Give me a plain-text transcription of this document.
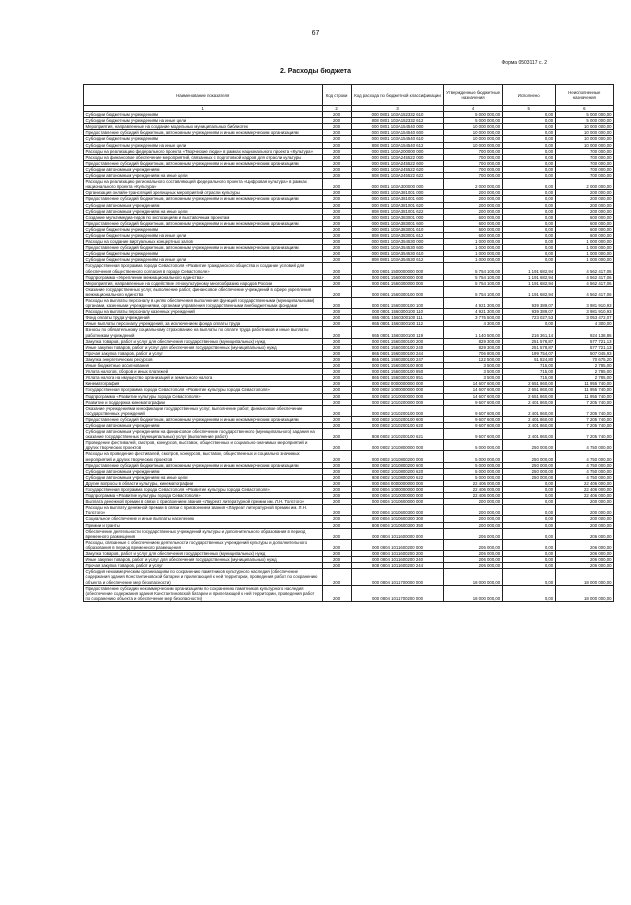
67
Форма 0503117 с. 2
2. Расходы бюджета
Наименование показателя	Код строки	Код расхода по бюджетной классификации	Утвержденные бюджетные назначения	Исполнено	Неисполненные назначения
1	2	3	4	5	6
Субсидии бюджетным учреждениям	200	000 0801 103А152332 610	5 000 000,00	0,00	5 000 000,00
Субсидии бюджетным учреждениям на иные цели	200	808 0801 103А152332 612	5 000 000,00	0,00	5 000 000,00
Мероприятия, направленные на создание модельных муниципальных библиотек	200	000 0801 103А154540 000	10 000 000,00	0,00	10 000 000,00
Предоставление субсидий бюджетным, автономным учреждениям и иным некоммерческим организациям	200	000 0801 103А154540 600	10 000 000,00	0,00	10 000 000,00
Субсидии бюджетным учреждениям	200	000 0801 103А154540 610	10 000 000,00	0,00	10 000 000,00
Субсидии бюджетным учреждениям на иные цели	200	808 0801 103А154540 612	10 000 000,00	0,00	10 000 000,00
Расходы на реализацию федерального проекта «Творческие люди» в рамках национального проекта «Культура»	200	000 0801 103А200000 000	700 000,00	0,00	700 000,00
Расходы на финансовое обеспечение мероприятий, связанных с подготовкой кадров для отрасли культуры	200	000 0801 103А245522 000	700 000,00	0,00	700 000,00
Предоставление субсидий бюджетным, автономным учреждениям и иным некоммерческим организациям	200	000 0801 103А245522 600	700 000,00	0,00	700 000,00
Субсидии автономным учреждениям	200	000 0801 103А245522 620	700 000,00	0,00	700 000,00
Субсидии автономным учреждениям на иные цели	200	808 0801 103А245522 622	700 000,00	0,00	700 000,00
Расходы на реализацию регионального составляющей федерального проекта «Цифровая культура» в рамках национального проекта «Культура»	200	000 0801 103А300000 000	2 000 000,00	0,00	2 000 000,00
Организация онлайн-трансляций зрелищных мероприятий отрасли культуры	200	000 0801 103А381001 000	200 000,00	0,00	200 000,00
Предоставление субсидий бюджетным, автономным учреждениям и иным некоммерческим организациям	200	000 0801 103А381001 600	200 000,00	0,00	200 000,00
Субсидии автономным учреждениям	200	000 0801 103А381001 620	200 000,00	0,00	200 000,00
Субсидии автономным учреждениям на иные цели	200	808 0801 103А381001 622	200 000,00	0,00	200 000,00
Создание мультимедиа-гидов по экспозициям и выставочным проектам	200	000 0801 103А383001 000	600 000,00	0,00	600 000,00
Предоставление субсидий бюджетным, автономным учреждениям и иным некоммерческим организациям	200	000 0801 103А383001 600	600 000,00	0,00	600 000,00
Субсидии бюджетным учреждениям	200	000 0801 103А383001 610	600 000,00	0,00	600 000,00
Субсидии бюджетным учреждениям на иные цели	200	808 0801 103А383001 612	600 000,00	0,00	600 000,00
Расходы на создание виртуальных концертных залов	200	000 0801 103А354530 000	1 000 000,00	0,00	1 000 000,00
Предоставление субсидий бюджетным, автономным учреждениям и иным некоммерческим организациям	200	000 0801 103А354530 600	1 000 000,00	0,00	1 000 000,00
Субсидии бюджетным учреждениям	200	000 0801 103А354530 610	1 000 000,00	0,00	1 000 000,00
Субсидии бюджетным учреждениям на иные цели	200	808 0801 103А354530 612	1 000 000,00	0,00	1 000 000,00
Государственная программа города Севастополя «Развитие гражданского общества и создание условий для обеспечения общественного согласия в городе Севастополе»	200	000 0801 1500000000 000	5 754 100,00	1 191 682,94	4 562 417,06
Подпрограмма «Укрепление межнационального единства»	200	000 0801 1560000000 000	5 754 100,00	1 191 682,94	4 562 417,06
Мероприятия, направленные на содействие этнокультурному многообразию народов России	200	000 0801 1560300000 000	5 754 100,00	1 191 682,94	4 562 417,06
Оказание государственных услуг, выполнение работ, финансовое обеспечение учреждений в сфере укрепления межнационального единства	200	000 0801 1560300100 000	5 754 100,00	1 191 682,94	4 562 417,06
Расходы на выплаты персоналу в целях обеспечения выполнения функций государственными (муниципальными) органами, казенными учреждениями, органами управления государственными внебюджетными фондами	200	000 0801 1560300100 100	4 921 300,00	939 389,07	3 981 910,93
Расходы на выплаты персоналу казенных учреждений	200	000 0801 1560300100 110	4 921 300,00	939 389,07	3 981 910,93
Фонд оплаты труда учреждений	200	865 0801 1560300100 111	3 776 500,00	723 027,53	3 053 472,07
Иные выплаты персоналу учреждений, за исключением фонда оплаты труда	200	865 0801 1560300100 112	4 300,00	0,00	4 300,00
Взносы по обязательному социальному страхованию на выплаты по оплате труда работников и иные выплаты работникам учреждений	200	865 0801 1560300100 119	1 140 500,00	216 361,14	924 138,86
Закупка товаров, работ и услуг для обеспечения государственных (муниципальных) нужд	200	000 0801 1560300100 200	829 300,00	251 578,87	577 721,13
Иные закупки товаров, работ и услуг для обеспечения государственных (муниципальных) нужд	200	000 0801 1560300100 240	829 300,00	251 578,87	577 721,13
Прочая закупка товаров, работ и услуг	200	865 0801 1560300100 244	706 800,00	199 754,07	507 045,93
Закупка энергетических ресурсов	200	865 0801 1560300100 247	122 500,00	51 824,80	70 675,20
Иные бюджетные ассигнования	200	000 0801 1560300100 800	3 500,00	715,00	2 785,00
Уплата налогов, сборов и иных платежей	200	000 0801 1560300100 850	3 500,00	715,00	2 785,00
Уплата налога на имущество организаций и земельного налога	200	865 0801 1560300100 851	3 500,00	715,00	2 785,00
Кинематография	200	000 0802 0000000000 000	14 607 600,00	2 651 860,00	11 955 740,00
Государственная программа города Севастополя «Развитие культуры города Севастополя»	200	000 0802 1000000000 000	14 607 600,00	2 651 860,00	11 955 740,00
Подпрограмма «Развитие культуры города Севастополя»	200	000 0802 1010000000 000	14 607 600,00	2 651 860,00	11 955 740,00
Развитие и поддержка кинематографии	200	000 0802 1010200000 000	9 607 600,00	2 401 860,00	7 205 740,00
Оказание учреждениями кинофикации государственных услуг, выполнение работ, финансовое обеспечение государственных учреждений	200	000 0802 1010200100 000	9 607 600,00	2 401 860,00	7 205 740,00
Предоставление субсидий бюджетным, автономным учреждениям и иным некоммерческим организациям	200	000 0802 1010200100 600	9 607 600,00	2 401 860,00	7 205 740,00
Субсидии автономным учреждениям	200	000 0802 1010200100 620	9 607 600,00	2 401 860,00	7 205 740,00
Субсидии автономным учреждениям на финансовое обеспечение государственного (муниципального) задания на оказание государственных (муниципальных) услуг (выполнение работ)	200	808 0802 1010200100 621	9 607 600,00	2 401 860,00	7 205 740,00
Проведение фестивалей, смотров, конкурсов, выставок, общественных и социально-значимых мероприятий и других творческих проектов	200	000 0802 1010800000 000	5 000 000,00	250 000,00	4 750 000,00
Расходы на проведение фестивалей, смотров, конкурсов, выставок, общественных и социально значимых мероприятий и других творческих проектов	200	000 0802 1010800200 000	5 000 000,00	250 000,00	4 750 000,00
Предоставление субсидий бюджетным, автономным учреждениям и иным некоммерческим организациям	200	000 0802 1010800200 600	5 000 000,00	250 000,00	4 750 000,00
Субсидии автономным учреждениям	200	000 0802 1010800200 620	5 000 000,00	250 000,00	4 750 000,00
Субсидии автономным учреждениям на иные цели	200	808 0802 1010800200 622	5 000 000,00	250 000,00	4 750 000,00
Другие вопросы в области культуры, кинематографии	200	000 0804 0000000000 000	22 406 000,00	0,00	22 406 000,00
Государственная программа города Севастополя «Развитие культуры города Севастополя»	200	000 0804 1000000000 000	22 406 000,00	0,00	22 406 000,00
Подпрограмма «Развитие культуры города Севастополя»	200	000 0804 1010000000 000	22 406 000,00	0,00	22 406 000,00
Выплата денежной премии в связи с присвоением звания «Лауреат литературной премии им. Л.Н. Толстого»	200	000 0804 1010600000 000	200 000,00	0,00	200 000,00
Расходы на выплату денежной премии в связи с присвоением звания «Лауреат литературной премии им. Л.Н. Толстого»	200	000 0804 1010600300 000	200 000,00	0,00	200 000,00
Социальное обеспечение и иные выплаты населению	200	000 0804 1010600300 300	200 000,00	0,00	200 000,00
Премии и гранты	200	808 0804 1010600300 350	200 000,00	0,00	200 000,00
Обеспечение деятельности государственных учреждений культуры и дополнительного образования в период временного размещения	200	000 0804 1011600000 000	206 000,00	0,00	206 000,00
Расходы, связанные с обеспечением деятельности государственных учреждений культуры и дополнительного образования в период временного размещения	200	000 0804 1011600200 000	206 000,00	0,00	206 000,00
Закупка товаров, работ и услуг для обеспечения государственных (муниципальных) нужд	200	000 0804 1011600200 200	206 000,00	0,00	206 000,00
Иные закупки товаров, работ и услуг для обеспечения государственных (муниципальных) нужд	200	000 0804 1011600200 240	206 000,00	0,00	206 000,00
Прочая закупка товаров, работ и услуг	200	808 0804 1011600200 244	206 000,00	0,00	206 000,00
Субсидия некоммерческим организациям по сохранению памятников культурного наследия (обеспечение содержания здания Константиновской батареи и прилегающей к ней территории, проведения работ по сохранению объекта и обеспечение мер безопасности)	200	000 0804 1011700000 000	18 000 000,00	0,00	18 000 000,00
Предоставление субсидии некоммерческим организациям по сохранению памятников культурного наследия (обеспечение содержания здания Константиновской батареи и прилегающей к ней территории, проведения работ по сохранению объекта и обеспечение мер безопасности)	200	000 0804 1011700200 000	18 000 000,00	0,00	18 000 000,00
